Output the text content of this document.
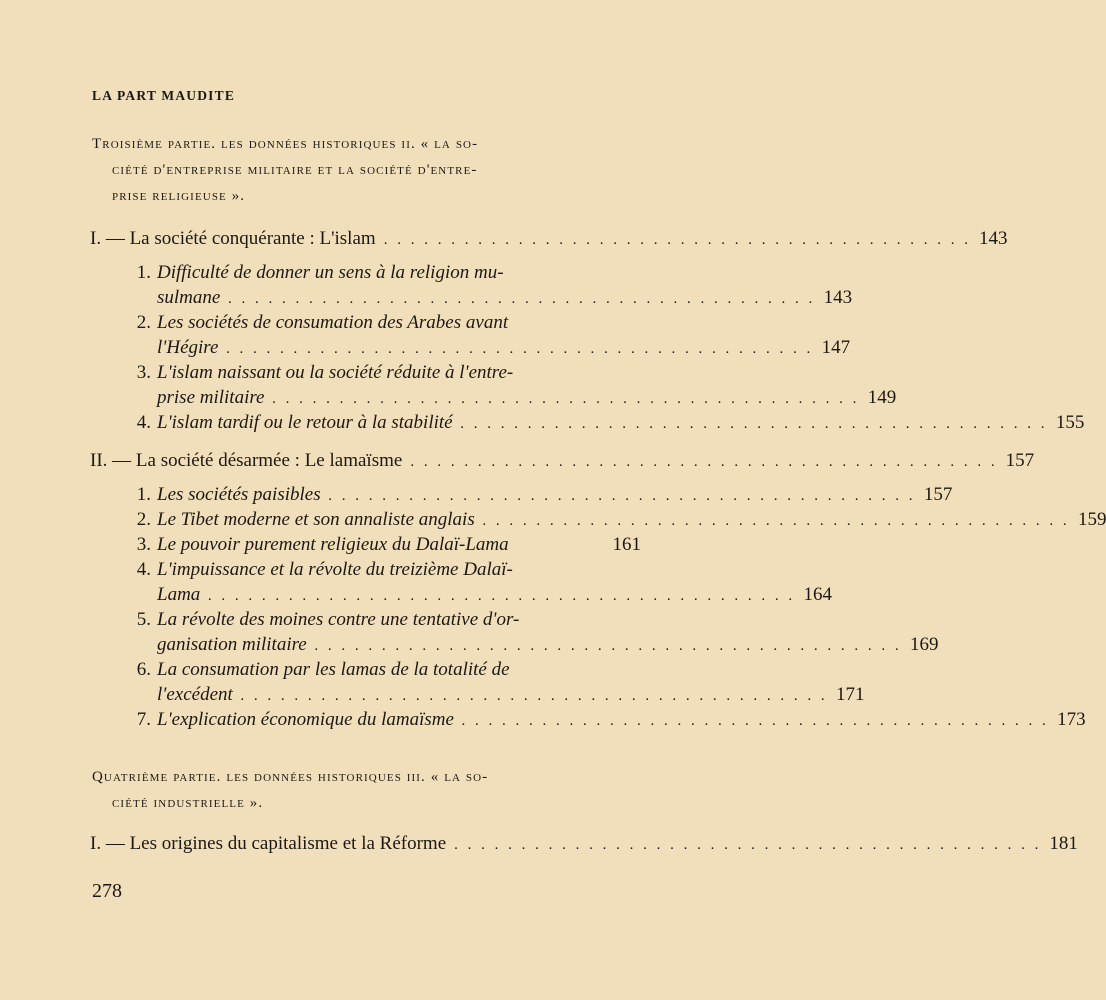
LA PART MAUDITE
Troisième partie. les données historiques ii. « la so-
ciété d'entreprise militaire et la société d'entre-
prise religieuse ».
I. — La société conquérante : L'islam . . . . . . . . . . . . . . . . . . . . . . . . . . . . . . . . . . . . . . . . . . . . 143
1. Difficulté de donner un sens à la religion mu-
sulmane . . . . . . . . . . . . . . . . . . . . . . . . . . . . . . . . . . . . . . . . . . . . 143
2. Les sociétés de consumation des Arabes avant
l'Hégire . . . . . . . . . . . . . . . . . . . . . . . . . . . . . . . . . . . . . . . . . . . . 147
3. L'islam naissant ou la société réduite à l'entre-
prise militaire . . . . . . . . . . . . . . . . . . . . . . . . . . . . . . . . . . . . . . . . . . . . 149
4. L'islam tardif ou le retour à la stabilité . . . . . . . . . . . . . . . . . . . . . . . . . . . . . . . . . . . . . . . . . . . . 155
II. — La société désarmée : Le lamaïsme . . . . . . . . . . . . . . . . . . . . . . . . . . . . . . . . . . . . . . . . . . . . 157
1. Les sociétés paisibles . . . . . . . . . . . . . . . . . . . . . . . . . . . . . . . . . . . . . . . . . . . . 157
2. Le Tibet moderne et son annaliste anglais . . . . . . . . . . . . . . . . . . . . . . . . . . . . . . . . . . . . . . . . . . . . 159
3. Le pouvoir purement religieux du Dalaï-Lama	161
4. L'impuissance et la révolte du treizième Dalaï-
Lama . . . . . . . . . . . . . . . . . . . . . . . . . . . . . . . . . . . . . . . . . . . . 164
5. La révolte des moines contre une tentative d'or-
ganisation militaire . . . . . . . . . . . . . . . . . . . . . . . . . . . . . . . . . . . . . . . . . . . . 169
6. La consumation par les lamas de la totalité de
l'excédent . . . . . . . . . . . . . . . . . . . . . . . . . . . . . . . . . . . . . . . . . . . . 171
7. L'explication économique du lamaïsme . . . . . . . . . . . . . . . . . . . . . . . . . . . . . . . . . . . . . . . . . . . . 173
Quatrième partie. les données historiques iii. « la so-
ciété industrielle ».
I. — Les origines du capitalisme et la Réforme . . . . . . . . . . . . . . . . . . . . . . . . . . . . . . . . . . . . . . . . . . . . 181
278
